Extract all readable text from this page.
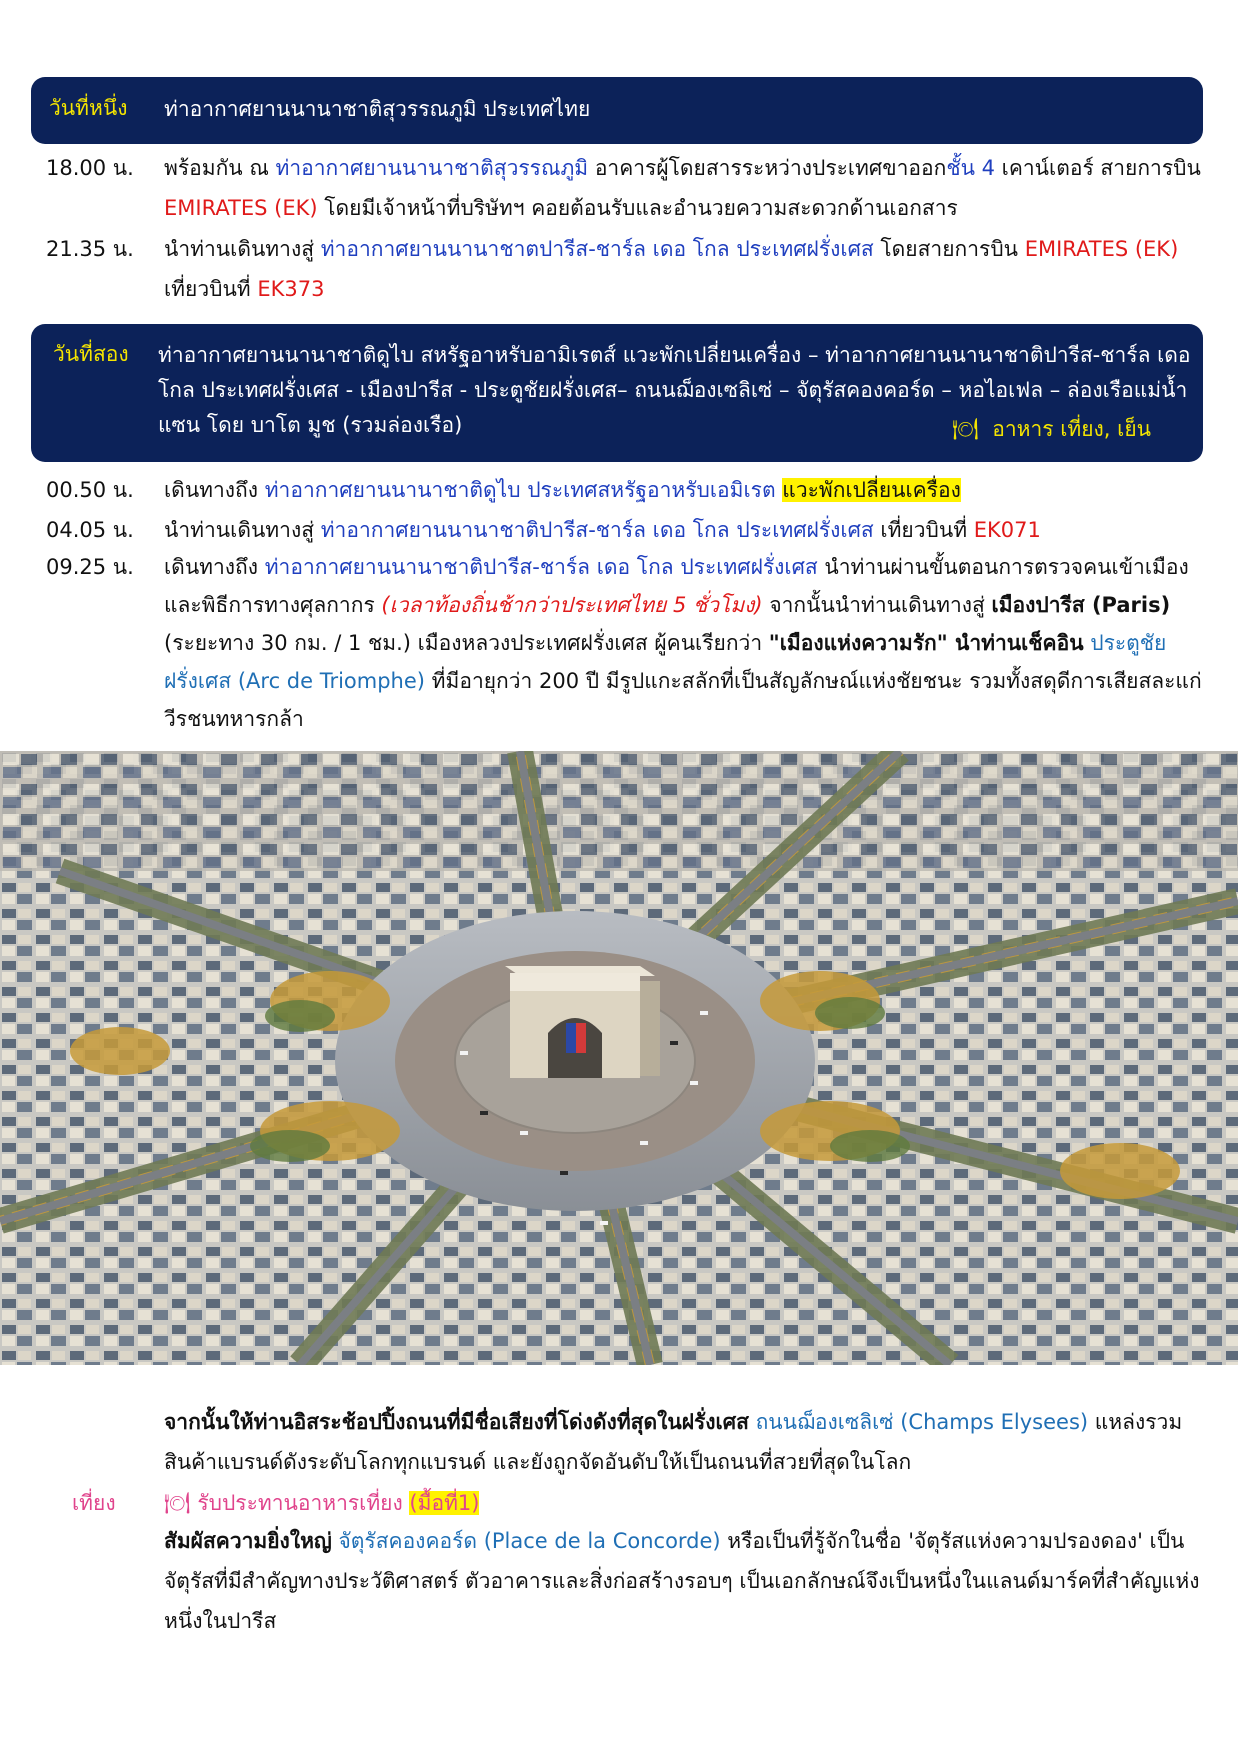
วันที่หนึ่ง ท่าอากาศยานนานาชาติสุวรรณภูมิ ประเทศไทย
18.00 น.	พร้อมกัน ณ ท่าอากาศยานนานาชาติสุวรรณภูมิ อาคารผู้โดยสารระหว่างประเทศขาออกชั้น 4 เคาน์เตอร์ สายการบิน EMIRATES (EK) โดยมีเจ้าหน้าที่บริษัทฯ คอยต้อนรับและอำนวยความสะดวกด้านเอกสาร
21.35 น.	นำท่านเดินทางสู่ ท่าอากาศยานนานาชาตปารีส-ชาร์ล เดอ โกล ประเทศฝรั่งเศส โดยสายการบิน EMIRATES (EK) เที่ยวบินที่ EK373
วันที่สอง ท่าอากาศยานนานาชาติดูไบ สหรัฐอาหรับอามิเรตส์ แวะพักเปลี่ยนเครื่อง – ท่าอากาศยานนานาชาติปารีส-ชาร์ล เดอ โกล ประเทศฝรั่งเศส - เมืองปารีส - ประตูชัยฝรั่งเศส– ถนนฌ็องเซลิเซ่ – จัตุรัสคองคอร์ด – หอไอเฟล – ล่องเรือแม่น้ำแซน โดย บาโต มูช (รวมล่องเรือ)	🍽 อาหาร เที่ยง, เย็น
00.50 น.	เดินทางถึง ท่าอากาศยานนานาชาติดูไบ ประเทศสหรัฐอาหรับเอมิเรต แวะพักเปลี่ยนเครื่อง
04.05 น.	นำท่านเดินทางสู่ ท่าอากาศยานนานาชาติปารีส-ชาร์ล เดอ โกล ประเทศฝรั่งเศส เที่ยวบินที่ EK071
09.25 น.	เดินทางถึง ท่าอากาศยานนานาชาติปารีส-ชาร์ล เดอ โกล ประเทศฝรั่งเศส นำท่านผ่านขั้นตอนการตรวจคนเข้าเมืองและพิธีการทางศุลกากร (เวลาท้องถิ่นช้ากว่าประเทศไทย 5 ชั่วโมง) จากนั้นนำท่านเดินทางสู่ เมืองปารีส (Paris) (ระยะทาง 30 กม. / 1 ชม.) เมืองหลวงประเทศฝรั่งเศส ผู้คนเรียกว่า "เมืองแห่งความรัก" นำท่านเช็คอิน ประตูชัยฝรั่งเศส (Arc de Triomphe) ที่มีอายุกว่า 200 ปี มีรูปแกะสลักที่เป็นสัญลักษณ์แห่งชัยชนะ รวมทั้งสดุดีการเสียสละแก่วีรชนทหารกล้า
จากนั้นให้ท่านอิสระช้อปปิ้งถนนที่มีชื่อเสียงที่โด่งดังที่สุดในฝรั่งเศส ถนนฌ็องเซลิเซ่ (Champs Elysees) แหล่งรวมสินค้าแบรนด์ดังระดับโลกทุกแบรนด์ และยังถูกจัดอันดับให้เป็นถนนที่สวยที่สุดในโลก
เที่ยง	🍽 รับประทานอาหารเที่ยง (มื้อที่1)
สัมผัสความยิ่งใหญ่ จัตุรัสคองคอร์ด (Place de la Concorde) หรือเป็นที่รู้จักในชื่อ 'จัตุรัสแห่งความปรองดอง' เป็นจัตุรัสที่มีสำคัญทางประวัติศาสตร์ ตัวอาคารและสิ่งก่อสร้างรอบๆ เป็นเอกลักษณ์จึงเป็นหนึ่งในแลนด์มาร์คที่สำคัญแห่งหนึ่งในปารีส
